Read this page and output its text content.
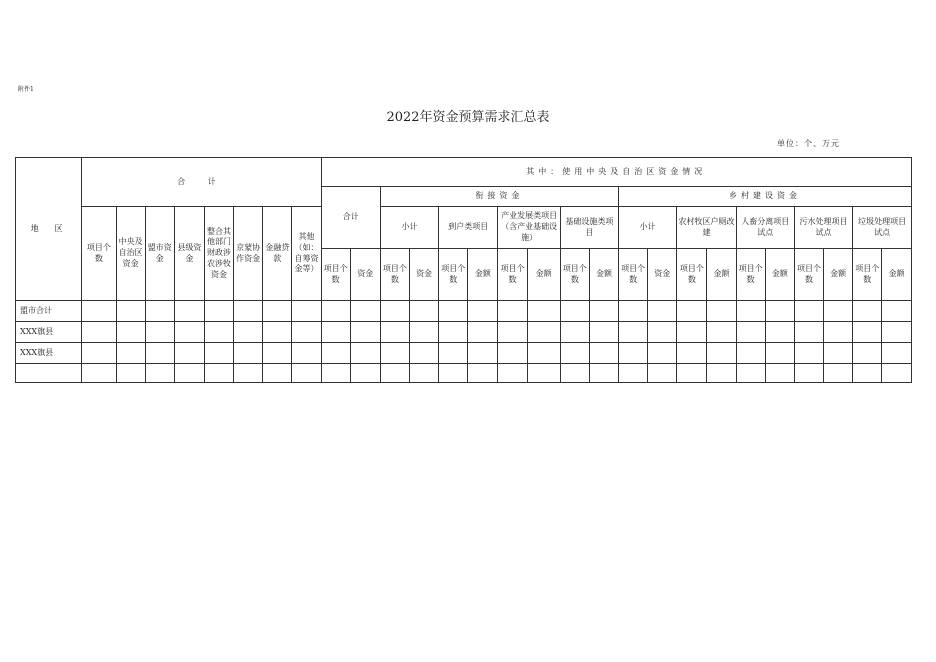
附件1
2022年资金预算需求汇总表
单位：个、万元
地　区	合 计								其中：使用中央及自治区资金情况																			
									合计		衔接资金								乡村建设资金									
	项目个数	中央及自治区资金	盟市资金	县级资金	整合其他部门财政涉农涉牧资金	京蒙协作资金	金融贷款	其他（如：自筹资金等）			小计		到户类项目		产业发展类项目（含产业基础设施）		基础设施类项目		小计		农村牧区户厕改建		人畜分离项目试点		污水处理项目试点		垃圾处理项目试点	
									项目个数	资金	项目个数	资金	项目个数	金额	项目个数	金额	项目个数	金额	项目个数	资金	项目个数	金额	项目个数	金额	项目个数	金额	项目个数	金额
盟市合计																												
XXX旗县																												
XXX旗县																												
